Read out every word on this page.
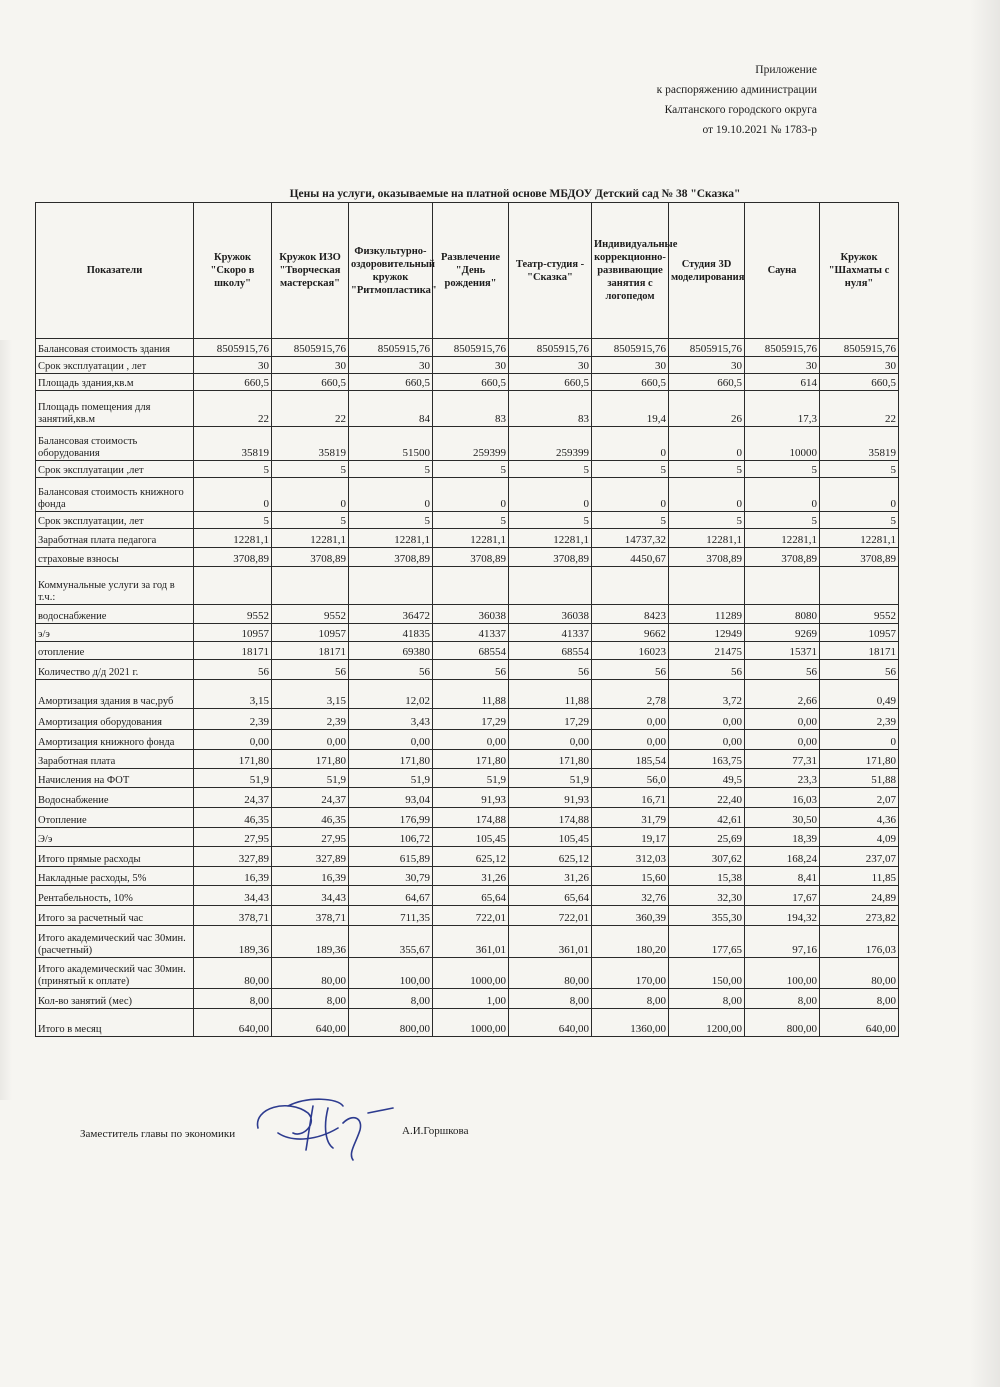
Приложение
к распоряжению администрации
Калтанского городского округа
от 19.10.2021 № 1783-р
Цены на услуги, оказываемые на платной основе МБДОУ Детский сад № 38 "Сказка"
Показатели	Кружок "Скоро в школу"	Кружок ИЗО "Творческая мастерская"	Физкультурно-оздоровительный кружок "Ритмопластика"	Развлечение "День рождения"	Театр-студия - "Сказка"	Индивидуальные коррекционно-развивающие занятия с логопедом	Студия 3D моделирования	Сауна	Кружок "Шахматы с нуля"
Балансовая стоимость здания	8505915,76	8505915,76	8505915,76	8505915,76	8505915,76	8505915,76	8505915,76	8505915,76	8505915,76
Срок эксплуатации , лет	30	30	30	30	30	30	30	30	30
Площадь здания,кв.м	660,5	660,5	660,5	660,5	660,5	660,5	660,5	614	660,5
Площадь помещения для занятий,кв.м	22	22	84	83	83	19,4	26	17,3	22
Балансовая стоимость оборудования	35819	35819	51500	259399	259399	0	0	10000	35819
Срок эксплуатации ,лет	5	5	5	5	5	5	5	5	5
Балансовая стоимость книжного фонда	0	0	0	0	0	0	0	0	0
Срок эксплуатации, лет	5	5	5	5	5	5	5	5	5
Заработная плата педагога	12281,1	12281,1	12281,1	12281,1	12281,1	14737,32	12281,1	12281,1	12281,1
страховые взносы	3708,89	3708,89	3708,89	3708,89	3708,89	4450,67	3708,89	3708,89	3708,89
Коммунальные услуги за год в т.ч.:									
водоснабжение	9552	9552	36472	36038	36038	8423	11289	8080	9552
э/э	10957	10957	41835	41337	41337	9662	12949	9269	10957
отопление	18171	18171	69380	68554	68554	16023	21475	15371	18171
Количество д/д 2021 г.	56	56	56	56	56	56	56	56	56
Амортизация здания в час,руб	3,15	3,15	12,02	11,88	11,88	2,78	3,72	2,66	0,49
Амортизация оборудования	2,39	2,39	3,43	17,29	17,29	0,00	0,00	0,00	2,39
Амортизация книжного фонда	0,00	0,00	0,00	0,00	0,00	0,00	0,00	0,00	0
Заработная плата	171,80	171,80	171,80	171,80	171,80	185,54	163,75	77,31	171,80
Начисления на ФОТ	51,9	51,9	51,9	51,9	51,9	56,0	49,5	23,3	51,88
Водоснабжение	24,37	24,37	93,04	91,93	91,93	16,71	22,40	16,03	2,07
Отопление	46,35	46,35	176,99	174,88	174,88	31,79	42,61	30,50	4,36
Э/э	27,95	27,95	106,72	105,45	105,45	19,17	25,69	18,39	4,09
Итого прямые расходы	327,89	327,89	615,89	625,12	625,12	312,03	307,62	168,24	237,07
Накладные расходы, 5%	16,39	16,39	30,79	31,26	31,26	15,60	15,38	8,41	11,85
Рентабельность, 10%	34,43	34,43	64,67	65,64	65,64	32,76	32,30	17,67	24,89
Итого за расчетный час	378,71	378,71	711,35	722,01	722,01	360,39	355,30	194,32	273,82
Итого академический час 30мин.(расчетный)	189,36	189,36	355,67	361,01	361,01	180,20	177,65	97,16	176,03
Итого академический час 30мин.(принятый к оплате)	80,00	80,00	100,00	1000,00	80,00	170,00	150,00	100,00	80,00
Кол-во занятий (мес)	8,00	8,00	8,00	1,00	8,00	8,00	8,00	8,00	8,00
Итого в месяц	640,00	640,00	800,00	1000,00	640,00	1360,00	1200,00	800,00	640,00
Заместитель главы по экономики	А.И.Горшкова
